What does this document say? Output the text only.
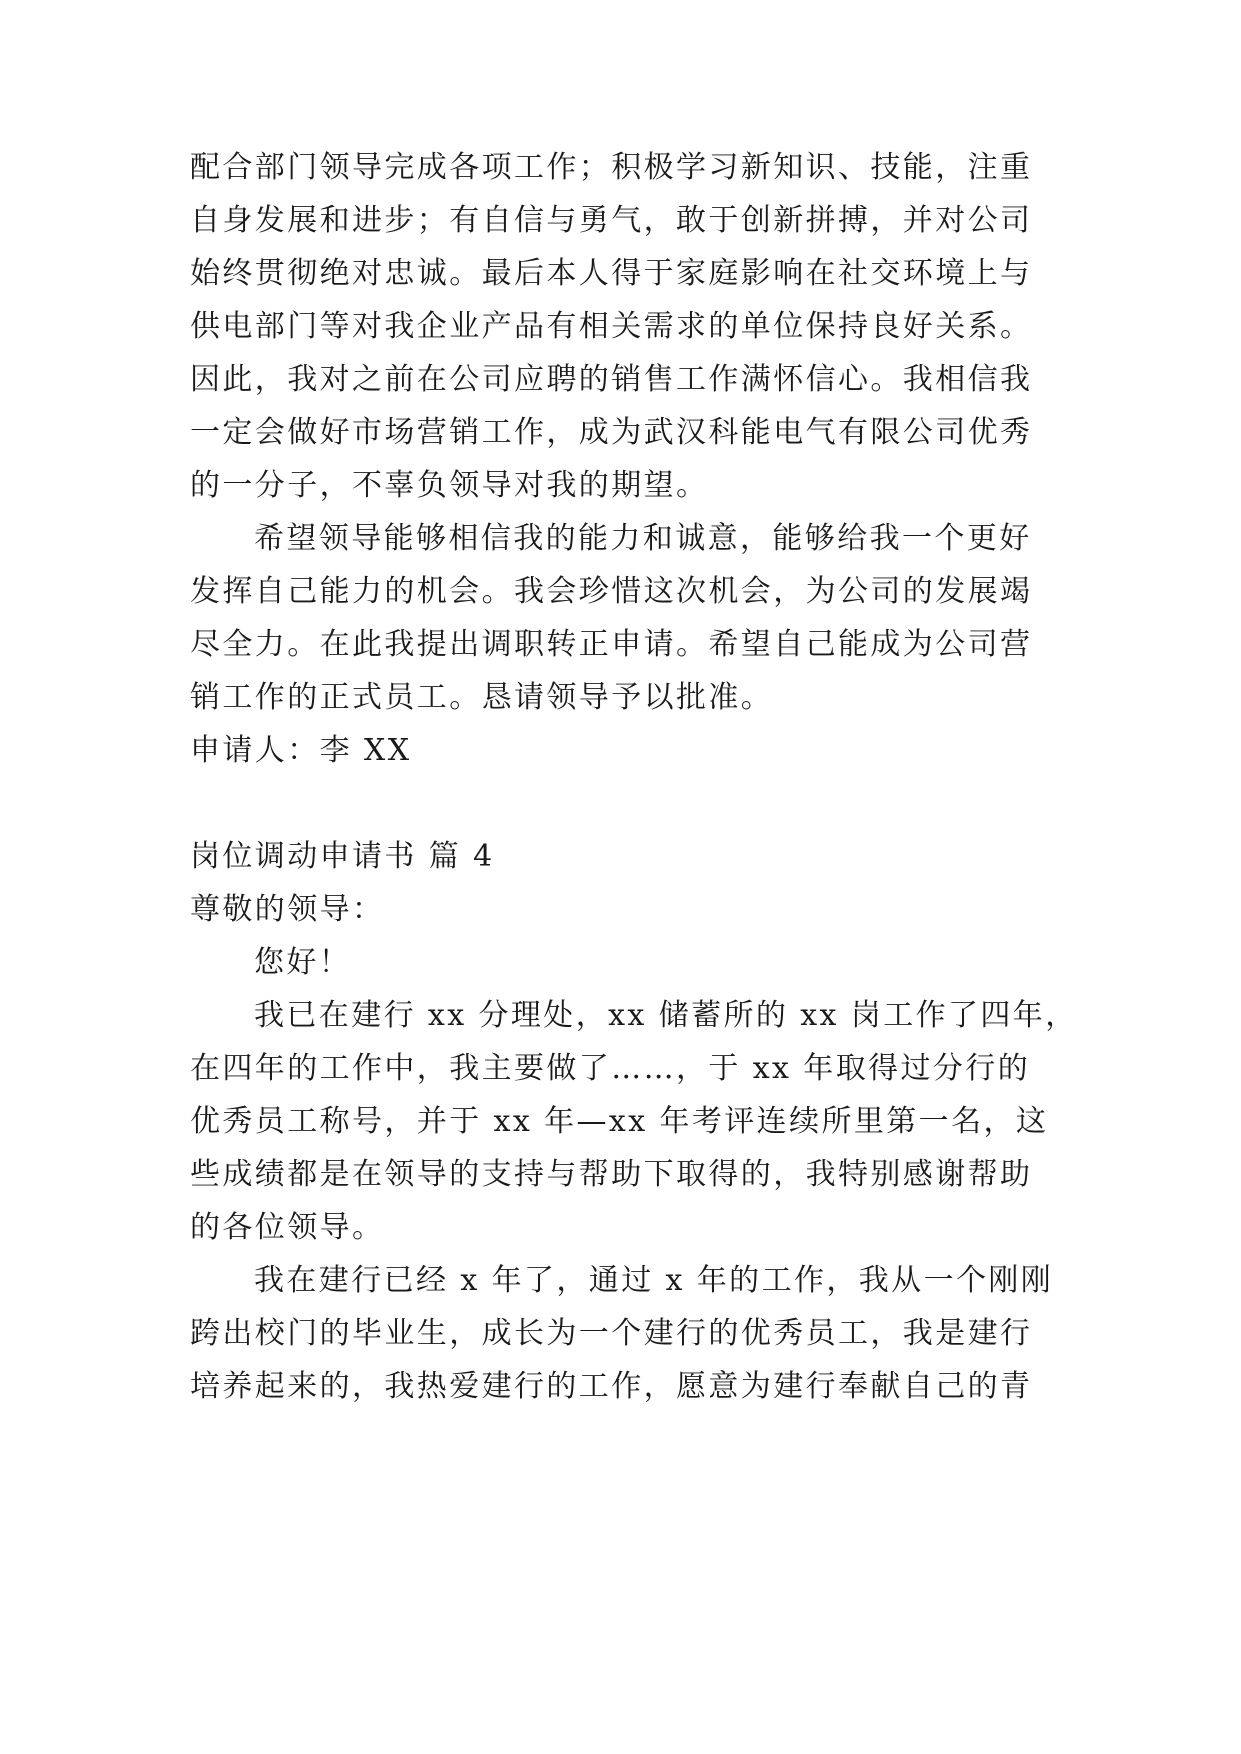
配合部门领导完成各项工作；积极学习新知识、技能，注重
自身发展和进步；有自信与勇气，敢于创新拼搏，并对公司
始终贯彻绝对忠诚。最后本人得于家庭影响在社交环境上与
供电部门等对我企业产品有相关需求的单位保持良好关系。
因此，我对之前在公司应聘的销售工作满怀信心。我相信我
一定会做好市场营销工作，成为武汉科能电气有限公司优秀
的一分子，不辜负领导对我的期望。
希望领导能够相信我的能力和诚意，能够给我一个更好
发挥自己能力的机会。我会珍惜这次机会，为公司的发展竭
尽全力。在此我提出调职转正申请。希望自己能成为公司营
销工作的正式员工。恳请领导予以批准。
申请人：李 XX
岗位调动申请书 篇 4
尊敬的领导：
您好！
我已在建行 xx 分理处，xx 储蓄所的 xx 岗工作了四年，
在四年的工作中，我主要做了……，于 xx 年取得过分行的
优秀员工称号，并于 xx 年—xx 年考评连续所里第一名，这
些成绩都是在领导的支持与帮助下取得的，我特别感谢帮助
的各位领导。
我在建行已经 x 年了，通过 x 年的工作，我从一个刚刚
跨出校门的毕业生，成长为一个建行的优秀员工，我是建行
培养起来的，我热爱建行的工作，愿意为建行奉献自己的青
